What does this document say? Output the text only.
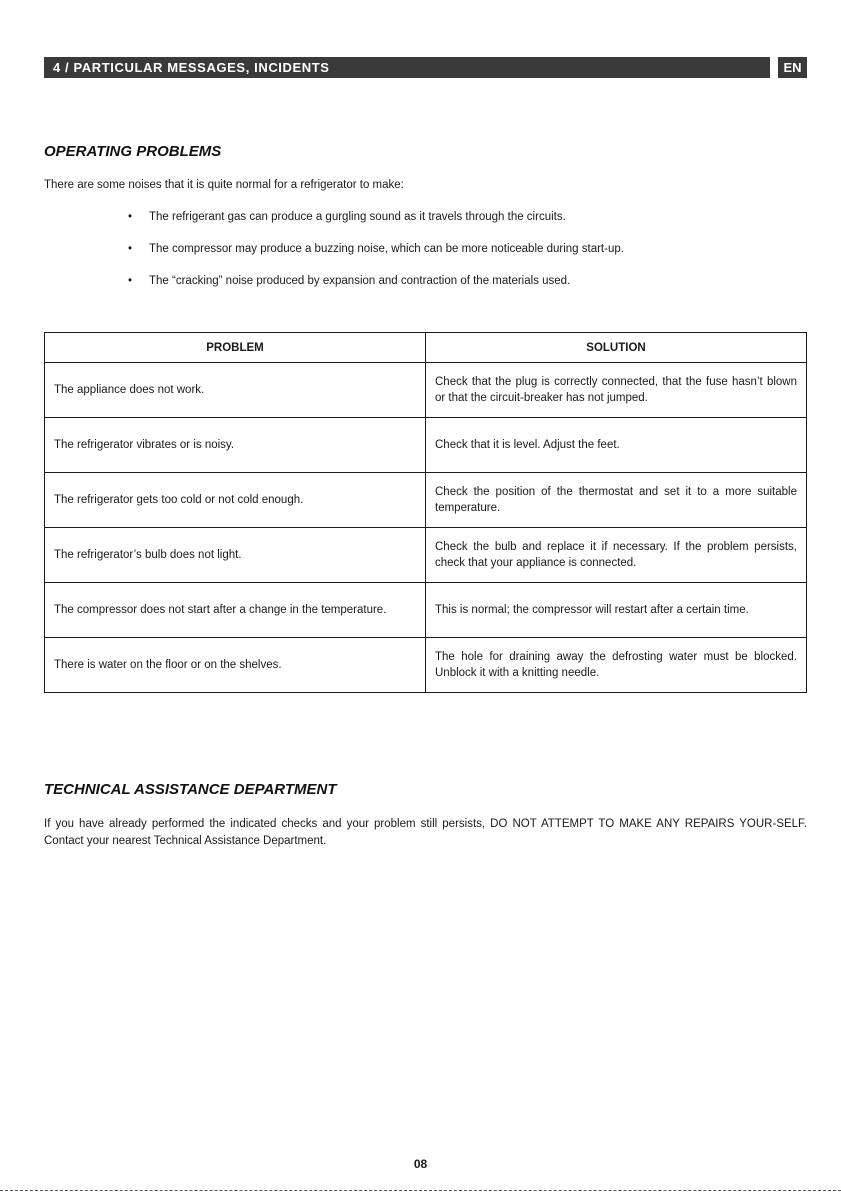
4 / PARTICULAR MESSAGES, INCIDENTS	EN
OPERATING PROBLEMS

There are some noises that it is quite normal for a refrigerator to make:

• The refrigerant gas can produce a gurgling sound as it travels through the circuits.
• The compressor may produce a buzzing noise, which can be more noticeable during start-up.
• The “cracking” noise produced by expansion and contraction of the materials used.
PROBLEM	SOLUTION
The appliance does not work.	Check that the plug is correctly connected, that the fuse hasn’t blown or that the circuit-breaker has not jumped.
The refrigerator vibrates or is noisy.	Check that it is level. Adjust the feet.
The refrigerator gets too cold or not cold enough.	Check the position of the thermostat and set it to a more suitable temperature.
The refrigerator’s bulb does not light.	Check the bulb and replace it if necessary. If the problem persists, check that your appliance is connected.
The compressor does not start after a change in the temperature.	This is normal; the compressor will restart after a certain time.
There is water on the floor or on the shelves.	The hole for draining away the defrosting water must be blocked. Unblock it with a knitting needle.
TECHNICAL ASSISTANCE DEPARTMENT

If you have already performed the indicated checks and your problem still persists, DO NOT ATTEMPT TO MAKE ANY REPAIRS YOUR-SELF. Contact your nearest Technical Assistance Department.

08
